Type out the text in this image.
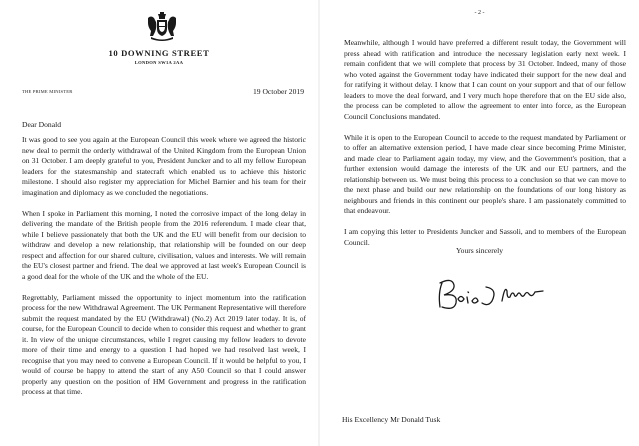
10 DOWNING STREET
LONDON SW1A 2AA
THE PRIME MINISTER	19 October 2019
Dear Donald

It was good to see you again at the European Council this week where we agreed the historic new deal to permit the orderly withdrawal of the United Kingdom from the European Union on 31 October. I am deeply grateful to you, President Juncker and to all my fellow European leaders for the statesmanship and statecraft which enabled us to achieve this historic milestone. I should also register my appreciation for Michel Barnier and his team for their imagination and diplomacy as we concluded the negotiations.

When I spoke in Parliament this morning, I noted the corrosive impact of the long delay in delivering the mandate of the British people from the 2016 referendum. I made clear that, while I believe passionately that both the UK and the EU will benefit from our decision to withdraw and develop a new relationship, that relationship will be founded on our deep respect and affection for our shared culture, civilisation, values and interests. We will remain the EU's closest partner and friend. The deal we approved at last week's European Council is a good deal for the whole of the UK and the whole of the EU.

Regrettably, Parliament missed the opportunity to inject momentum into the ratification process for the new Withdrawal Agreement. The UK Permanent Representative will therefore submit the request mandated by the EU (Withdrawal) (No.2) Act 2019 later today. It is, of course, for the European Council to decide when to consider this request and whether to grant it. In view of the unique circumstances, while I regret causing my fellow leaders to devote more of their time and energy to a question I had hoped we had resolved last week, I recognise that you may need to convene a European Council. If it would be helpful to you, I would of course be happy to attend the start of any A50 Council so that I could answer properly any question on the position of HM Government and progress in the ratification process at that time.

- 2 -

Meanwhile, although I would have preferred a different result today, the Government will press ahead with ratification and introduce the necessary legislation early next week. I remain confident that we will complete that process by 31 October. Indeed, many of those who voted against the Government today have indicated their support for the new deal and for ratifying it without delay. I know that I can count on your support and that of our fellow leaders to move the deal forward, and I very much hope therefore that on the EU side also, the process can be completed to allow the agreement to enter into force, as the European Council Conclusions mandated.

While it is open to the European Council to accede to the request mandated by Parliament or to offer an alternative extension period, I have made clear since becoming Prime Minister, and made clear to Parliament again today, my view, and the Government's position, that a further extension would damage the interests of the UK and our EU partners, and the relationship between us. We must being this process to a conclusion so that we can move to the next phase and build our new relationship on the foundations of our long history as neighbours and friends in this continent our people's share. I am passionately committed to that endeavour.

I am copying this letter to Presidents Juncker and Sassoli, and to members of the European Council.

Yours sincerely
His Excellency Mr Donald Tusk
